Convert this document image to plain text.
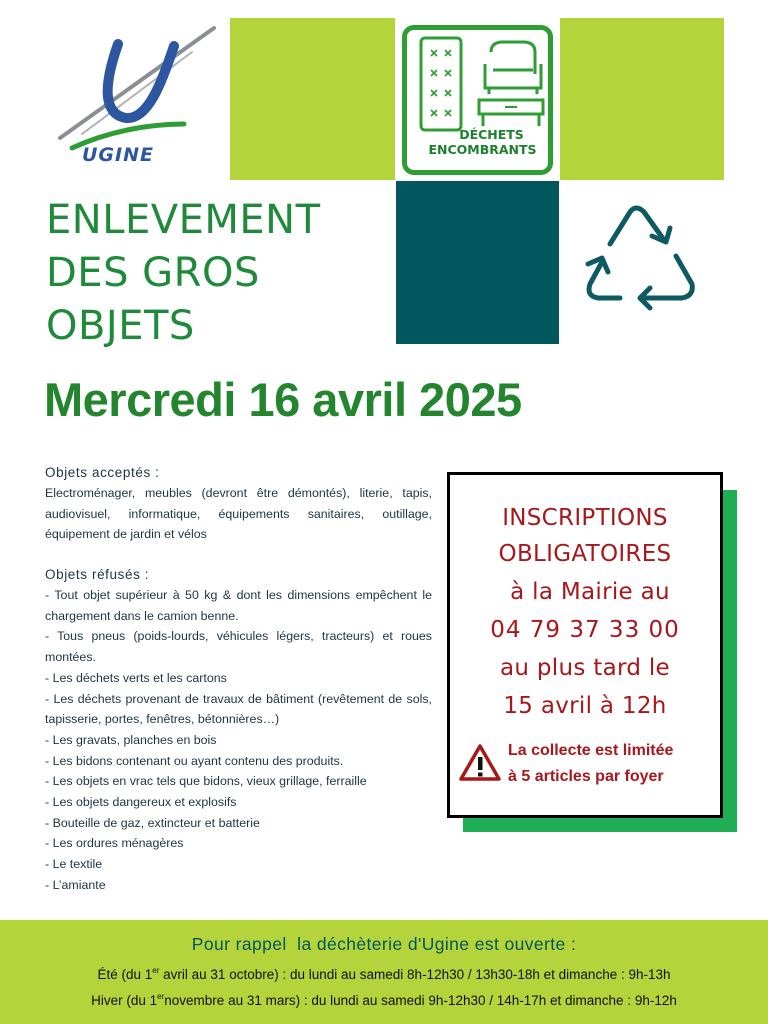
UGINE
DÉCHETS
ENCOMBRANTS
ENLEVEMENT
DES GROS
OBJETS
Mercredi 16 avril 2025
Objets acceptés :
Electroménager, meubles (devront être démontés), literie, tapis, audiovisuel, informatique, équipements sanitaires, outillage, équipement de jardin et vélos
Objets réfusés :
- Tout objet supérieur à 50 kg & dont les dimensions empêchent le chargement dans le camion benne.
- Tous pneus (poids-lourds, véhicules légers, tracteurs) et roues montées.
- Les déchets verts et les cartons
- Les déchets provenant de travaux de bâtiment (revêtement de sols, tapisserie, portes, fenêtres, bétonnières…)
- Les gravats, planches en bois
- Les bidons contenant ou ayant contenu des produits.
- Les objets en vrac tels que bidons, vieux grillage, ferraille
- Les objets dangereux et explosifs
- Bouteille de gaz, extincteur et batterie
- Les ordures ménagères
- Le textile
- L’amiante
INSCRIPTIONS
OBLIGATOIRES
à la Mairie au
04 79 37 33 00
au plus tard le
15 avril à 12h
La collecte est limitée
à 5 articles par foyer
Pour rappel  la déchèterie d'Ugine est ouverte :
Été (du 1er avril au 31 octobre) : du lundi au samedi 8h-12h30 / 13h30-18h et dimanche : 9h-13h
Hiver (du 1ernovembre au 31 mars) : du lundi au samedi 9h-12h30 / 14h-17h et dimanche : 9h-12h
